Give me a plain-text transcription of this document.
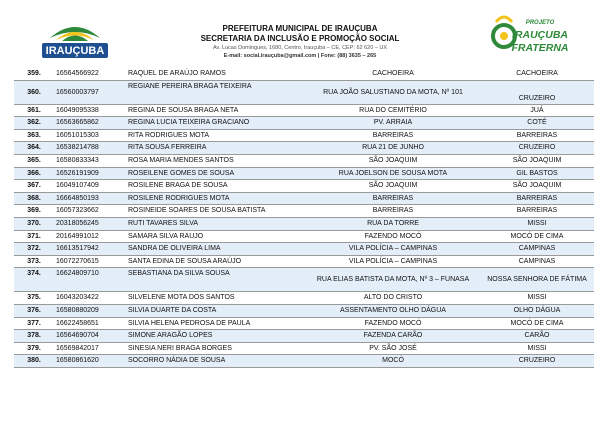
IRAUÇUBA
PREFEITURA MUNICIPAL DE IRAUÇUBA
SECRETARIA DA INCLUSÃO E PROMOÇÃO SOCIAL
Av. Lucas Domingues, 1680, Centro, Irauçuba – CE, CEP: 62 620 – UX
E-mail: social.irauçuba@gmail.com | Fone: (88) 3635 – 265
PROJETO
IRAUÇUBA
FRATERNA
359.	16564566922	RAQUEL DE ARAÚJO RAMOS	CACHOEIRA	CACHOEIRA
360.	16560003797	REGIANE PEREIRA BRAGA TEIXEIRA	RUA JOÃO SALUSTIANO DA MOTA, Nº 101	CRUZEIRO
361.	16049095338	REGINA DE SOUSA BRAGA NETA	RUA DO CEMITÉRIO	JUÁ
362.	16563665862	REGINA LUCIA TEIXEIRA GRACIANO	PV. ARRAIA	COTÉ
363.	16051015303	RITA RODRIGUES MOTA	BARREIRAS	BARREIRAS
364.	16538214788	RITA SOUSA FERREIRA	RUA 21 DE JUNHO	CRUZEIRO
365.	16580833343	ROSA MARIA MENDES SANTOS	SÃO JOAQUIM	SÃO JOAQUIM
366.	16526191909	ROSEILENE GOMES DE SOUSA	RUA JOELSON DE SOUSA MOTA	GIL BASTOS
367.	16049107409	ROSILENE BRAGA DE SOUSA	SÃO JOAQUIM	SÃO JOAQUIM
368.	16664850193	ROSILENE RODRIGUES MOTA	BARREIRAS	BARREIRAS
369.	16057323662	ROSINEIDE SOARES DE SOUSA BATISTA	BARREIRAS	BARREIRAS
370.	20318056245	RUTI TAVARES SILVA	RUA DA TORRE	MISSI
371.	20164991012	SAMARA SILVA RAUJO	FAZENDO MOCÓ	MOCÓ DE CIMA
372.	16613517942	SANDRA DE OLIVEIRA LIMA	VILA POLÍCIA – CAMPINAS	CAMPINAS
373.	16072270615	SANTA EDINA DE SOUSA ARAÚJO	VILA POLÍCIA – CAMPINAS	CAMPINAS
374.	16624809710	SEBASTIANA DA SILVA SOUSA	RUA ELIAS BATISTA DA MOTA, Nº 3 – FUNASA	NOSSA SENHORA DE FÁTIMA
375.	16043203422	SILVELENE MOTA DOS SANTOS	ALTO DO CRISTO	MISSI
376.	16580880209	SILVIA DUARTE DA COSTA	ASSENTAMENTO OLHO DÁGUA	OLHO DÁGUA
377.	16622458651	SILVIA HELENA PEDROSA DE PAULA	FAZENDO MOCÓ	MOCÓ DE CIMA
378.	16564690704	SIMONE ARAGÃO LOPES	FAZENDA CARÃO	CARÃO
379.	16569842017	SINESIA NERI BRAGA BORGES	PV. SÃO JOSÉ	MISSI
380.	16580861620	SOCORRO NÁDIA DE SOUSA	MOCÓ	CRUZEIRO
